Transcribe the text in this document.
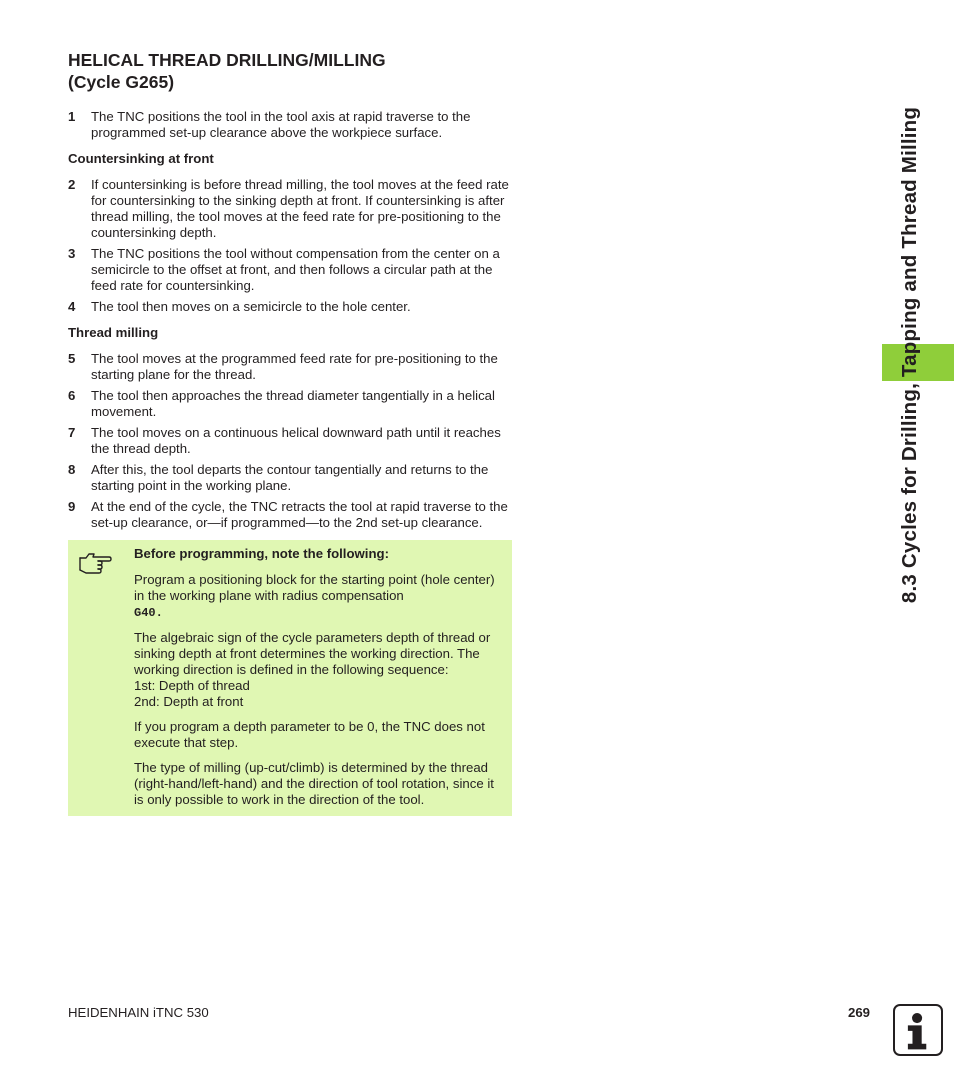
8.3 Cycles for Drilling, Tapping and Thread Milling
HELICAL THREAD DRILLING/MILLING
(Cycle G265)
1 The TNC positions the tool in the tool axis at rapid traverse to the programmed set-up clearance above the workpiece surface.
Countersinking at front
2 If countersinking is before thread milling, the tool moves at the feed rate for countersinking to the sinking depth at front. If countersinking is after thread milling, the tool moves at the feed rate for pre-positioning to the countersinking depth.
3 The TNC positions the tool without compensation from the center on a semicircle to the offset at front, and then follows a circular path at the feed rate for countersinking.
4 The tool then moves on a semicircle to the hole center.
Thread milling
5 The tool moves at the programmed feed rate for pre-positioning to the starting plane for the thread.
6 The tool then approaches the thread diameter tangentially in a helical movement.
7 The tool moves on a continuous helical downward path until it reaches the thread depth.
8 After this, the tool departs the contour tangentially and returns to the starting point in the working plane.
9 At the end of the cycle, the TNC retracts the tool at rapid traverse to the set-up clearance, or—if programmed—to the 2nd set-up clearance.

Before programming, note the following:

Program a positioning block for the starting point (hole center) in the working plane with radius compensation
G40.

The algebraic sign of the cycle parameters depth of thread or sinking depth at front determines the working direction. The working direction is defined in the following sequence:
1st: Depth of thread
2nd: Depth at front

If you program a depth parameter to be 0, the TNC does not execute that step.

The type of milling (up-cut/climb) is determined by the thread (right-hand/left-hand) and the direction of tool rotation, since it is only possible to work in the direction of the tool.

HEIDENHAIN iTNC 530	269
